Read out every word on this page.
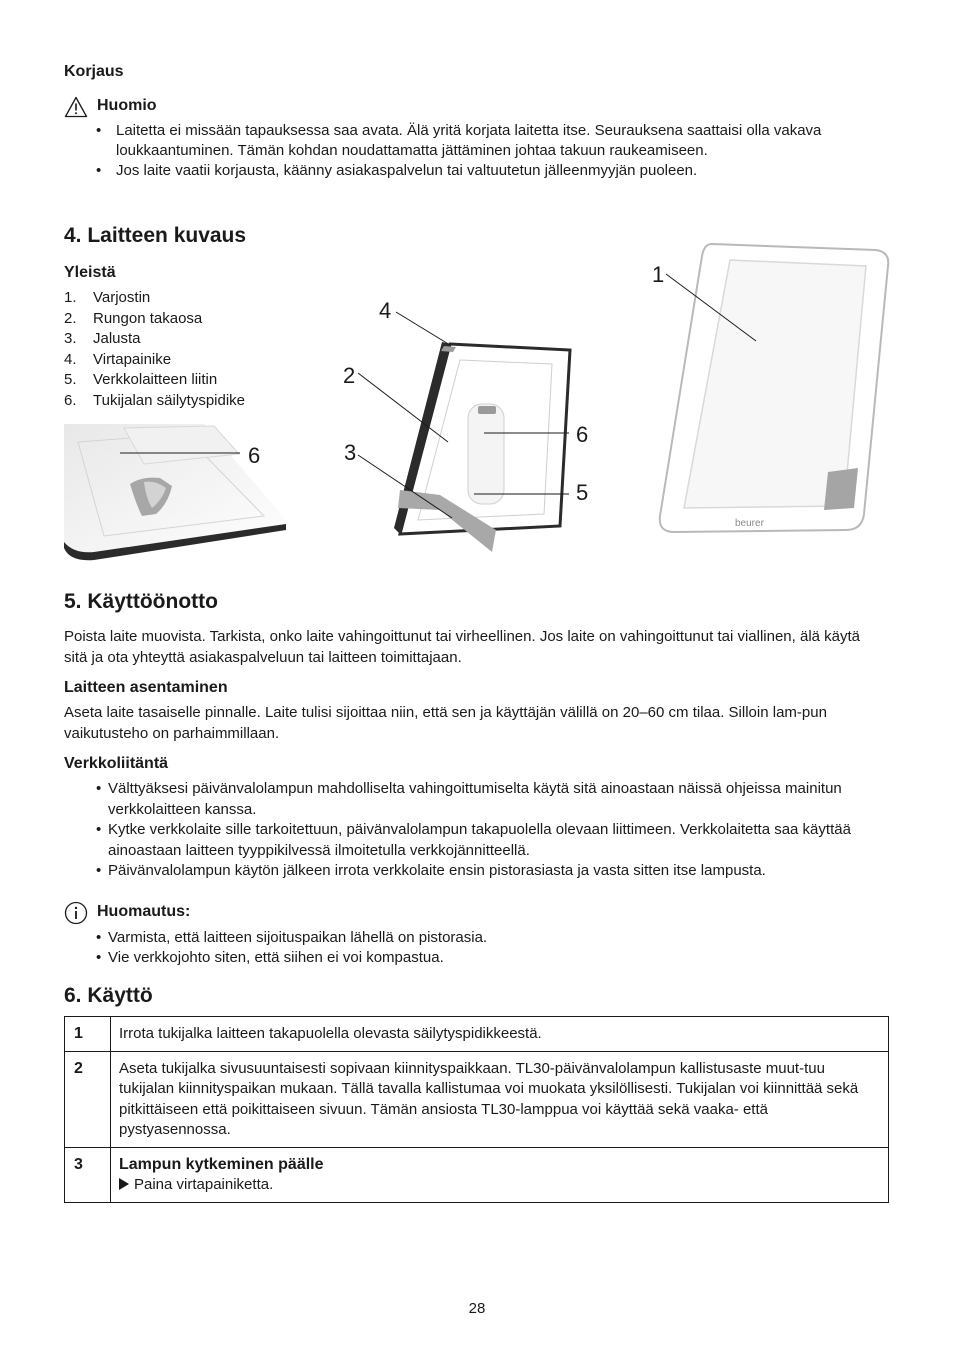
Korjaus
Huomio
• Laitetta ei missään tapauksessa saa avata. Älä yritä korjata laitetta itse. Seurauksena saattaisi olla vakava loukkaantuminen. Tämän kohdan noudattamatta jättäminen johtaa takuun raukeamiseen.
• Jos laite vaatii korjausta, käänny asiakaspalvelun tai valtuutetun jälleenmyyjän puoleen.
4. Laitteen kuvaus
Yleistä
1. Varjostin
2. Rungon takaosa
3. Jalusta
4. Virtapainike
5. Verkkolaitteen liitin
6. Tukijalan säilytyspidike
6
4
2
3
6
5
1
beurer
5. Käyttöönotto
Poista laite muovista. Tarkista, onko laite vahingoittunut tai virheellinen. Jos laite on vahingoittunut tai viallinen, älä käytä sitä ja ota yhteyttä asiakaspalveluun tai laitteen toimittajaan.
Laitteen asentaminen
Aseta laite tasaiselle pinnalle. Laite tulisi sijoittaa niin, että sen ja käyttäjän välillä on 20–60 cm tilaa. Silloin lam-pun vaikutusteho on parhaimmillaan.
Verkkoliitäntä
• Välttyäksesi päivänvalolampun mahdolliselta vahingoittumiselta käytä sitä ainoastaan näissä ohjeissa mainitun verkkolaitteen kanssa.
• Kytke verkkolaite sille tarkoitettuun, päivänvalolampun takapuolella olevaan liittimeen. Verkkolaitetta saa käyttää ainoastaan laitteen tyyppikilvessä ilmoitetulla verkkojännitteellä.
• Päivänvalolampun käytön jälkeen irrota verkkolaite ensin pistorasiasta ja vasta sitten itse lampusta.
Huomautus:
• Varmista, että laitteen sijoituspaikan lähellä on pistorasia.
• Vie verkkojohto siten, että siihen ei voi kompastua.
6. Käyttö
1	Irrota tukijalka laitteen takapuolella olevasta säilytyspidikkeestä.
2	Aseta tukijalka sivusuuntaisesti sopivaan kiinnityspaikkaan. TL30-päivänvalolampun kallistusaste muut-tuu tukijalan kiinnityspaikan mukaan. Tällä tavalla kallistumaa voi muokata yksilöllisesti. Tukijalan voi kiinnittää sekä pitkittäiseen että poikittaiseen sivuun. Tämän ansiosta TL30-lamppua voi käyttää sekä vaaka- että pystyasennossa.
3	Lampun kytkeminen päälle
Paina virtapainiketta.
28
